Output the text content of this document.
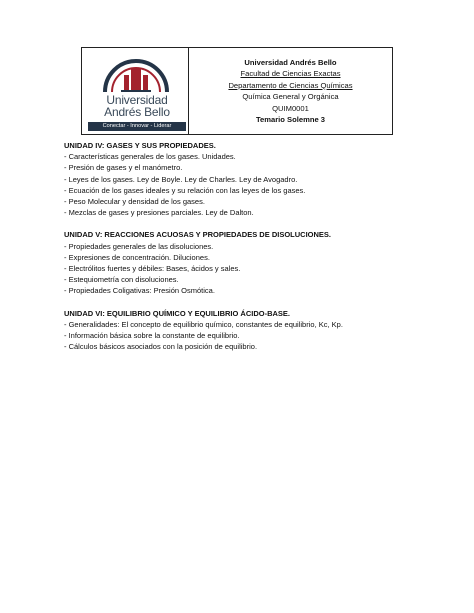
Universidad
Andrés Bello
Conectar - Innovar - Liderar
Universidad Andrés Bello
Facultad de Ciencias Exactas
Departamento de Ciencias Químicas
Química General y Orgánica
QUIM0001
Temario Solemne 3
UNIDAD IV: GASES Y SUS PROPIEDADES.
- Características generales de los gases. Unidades.
- Presión de gases y el manómetro.
- Leyes de los gases. Ley de Boyle. Ley de Charles. Ley de Avogadro.
- Ecuación de los gases ideales y su relación con las leyes de los gases.
- Peso Molecular y densidad de los gases.
- Mezclas de gases y presiones parciales. Ley de Dalton.
UNIDAD V: REACCIONES ACUOSAS Y PROPIEDADES DE DISOLUCIONES.
- Propiedades generales de las disoluciones.
- Expresiones de concentración. Diluciones.
- Electrólitos fuertes y débiles: Bases, ácidos y sales.
- Estequiometría con disoluciones.
- Propiedades Coligativas: Presión Osmótica.
UNIDAD VI: EQUILIBRIO QUÍMICO Y EQUILIBRIO ÁCIDO-BASE.
- Generalidades: El concepto de equilibrio químico, constantes de equilibrio, Kc, Kp.
- Información básica sobre la constante de equilibrio.
- Cálculos básicos asociados con la posición de equilibrio.
